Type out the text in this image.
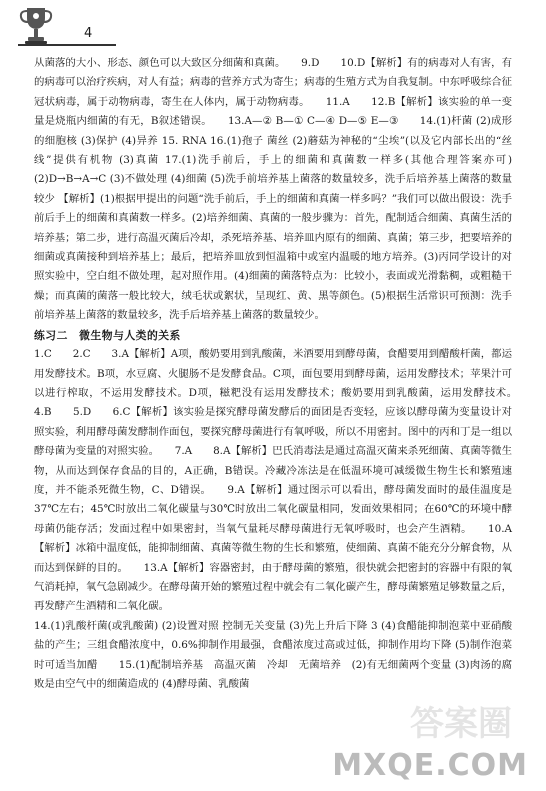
4

从菌落的大小、形态、颜色可以大致区分细菌和真菌。　　9.D　　10.D【解析】有的病毒对人有害，有的病毒可以治疗疾病，对人有益；病毒的营养方式为寄生；病毒的生殖方式为自我复制。中东呼吸综合征冠状病毒，属于动物病毒，寄生在人体内，属于动物病毒。　　11.A　　12.B【解析】该实验的单一变量是烧瓶内细菌的有无，B叙述错误。　　13.A—② B—① C—④ D—⑤ E—③　　14.(1)杆菌 (2)成形的细胞核 (3)保护 (4)异养 15. RNA 16.(1)孢子 菌丝 (2)蘑菇为神秘的“尘埃”(以及它内部长出的“丝线”提供有机物 (3)真菌 17.(1)洗手前后，手上的细菌和真菌数一样多(其他合理答案亦可) (2)D→B→A→C (3)不做处理 (4)细菌 (5)洗手前培养基上菌落的数量较多，洗手后培养基上菌落的数量较少 【解析】(1)根据甲提出的问题“洗手前后，手上的细菌和真菌一样多吗？”我们可以做出假设：洗手前后手上的细菌和真菌数一样多。(2)培养细菌、真菌的一般步骤为：首先，配制适合细菌、真菌生活的培养基；第二步，进行高温灭菌后冷却，杀死培养基、培养皿内原有的细菌、真菌；第三步，把要培养的细菌或真菌接种到培养基上；最后，把培养皿放到恒温箱中或室内温暖的地方培养。(3)丙同学设计的对照实验中，空白组不做处理，起对照作用。(4)细菌的菌落特点为：比较小，表面或光滑黏稠，或粗糙干燥；而真菌的菌落一般比较大，绒毛状或絮状，呈现红、黄、黑等颜色。(5)根据生活常识可预测：洗手前培养基上菌落的数量较多，洗手后培养基上菌落的数量较少。

练习二　微生物与人类的关系

1.C　　2.C　　3.A【解析】A项，酸奶要用到乳酸菌，米酒要用到酵母菌，食醋要用到醋酸杆菌，都运用发酵技术。B项，水豆腐、火腿肠不是发酵食品。C项，面包要用到酵母菌，运用发酵技术；苹果汁可以进行榨取，不运用发酵技术。D项，糍粑没有运用发酵技术；酸奶要用到乳酸菌，运用发酵技术。　　4.B　　5.D　　6.C【解析】该实验是探究酵母菌发酵后的面团是否变轻，应该以酵母菌为变量设计对照实验，利用酵母菌发酵制作面包，要探究酵母菌进行有氧呼吸，所以不用密封。图中的丙和丁是一组以酵母菌为变量的对照实验。　　7.A　　8.A【解析】巴氏消毒法是通过高温灭菌来杀死细菌、真菌等微生物，从而达到保存食品的目的，A正确，B错误。冷藏冷冻法是在低温环境可减缓微生物生长和繁殖速度，并不能杀死微生物，C、D错误。　　9.A【解析】通过图示可以看出，酵母菌发面时的最佳温度是37℃左右；45℃时放出二氧化碳量与30℃时放出二氧化碳量相同，发面效果相同；在60℃的环境中酵母菌仍能存活；发面过程中如果密封，当氧气量耗尽酵母菌进行无氧呼吸时，也会产生酒精。　　10.A【解析】冰箱中温度低，能抑制细菌、真菌等微生物的生长和繁殖，使细菌、真菌不能充分分解食物，从而达到保鲜的目的。　　13.A【解析】容器密封，由于酵母菌的繁殖，很快就会把密封的容器中有限的氧气消耗掉，氧气急剧减少。在酵母菌开始的繁殖过程中就会有二氧化碳产生，酵母菌繁殖足够数量之后，再发酵产生酒精和二氧化碳。

14.(1)乳酸杆菌(或乳酸菌) (2)设置对照 控制无关变量 (3)先上升后下降 3 (4)食醋能抑制泡菜中亚硝酸盐的产生；三组食醋浓度中，0.6%抑制作用最强，食醋浓度过高或过低，抑制作用均下降 (5)制作泡菜时可适当加醋　　15.(1)配制培养基　高温灭菌　冷却　无菌培养　(2)有无细菌两个变量 (3)肉汤的腐败是由空气中的细菌造成的 (4)酵母菌、乳酸菌

答案圈
MXQE.COM
